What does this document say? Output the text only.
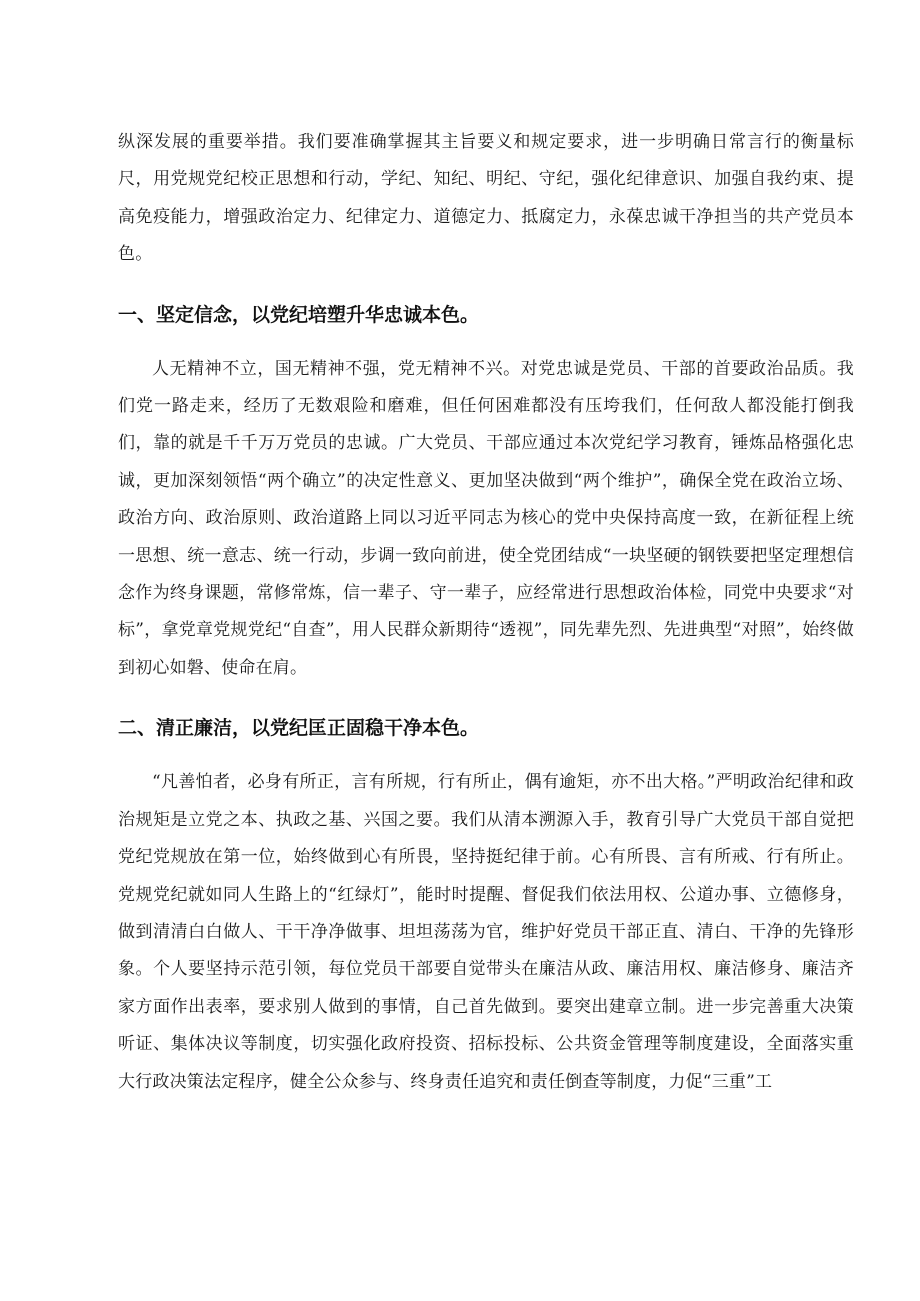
纵深发展的重要举措。我们要准确掌握其主旨要义和规定要求，进一步明确日常言行的衡量标尺，用党规党纪校正思想和行动，学纪、知纪、明纪、守纪，强化纪律意识、加强自我约束、提高免疫能力，增强政治定力、纪律定力、道德定力、抵腐定力，永葆忠诚干净担当的共产党员本色。

一、坚定信念，以党纪培塑升华忠诚本色。

人无精神不立，国无精神不强，党无精神不兴。对党忠诚是党员、干部的首要政治品质。我们党一路走来，经历了无数艰险和磨难，但任何困难都没有压垮我们，任何敌人都没能打倒我们，靠的就是千千万万党员的忠诚。广大党员、干部应通过本次党纪学习教育，锤炼品格强化忠诚，更加深刻领悟“两个确立”的决定性意义、更加坚决做到“两个维护”，确保全党在政治立场、政治方向、政治原则、政治道路上同以习近平同志为核心的党中央保持高度一致，在新征程上统一思想、统一意志、统一行动，步调一致向前进，使全党团结成“一块坚硬的钢铁要把坚定理想信念作为终身课题，常修常炼，信一辈子、守一辈子，应经常进行思想政治体检，同党中央要求“对标”，拿党章党规党纪“自查”，用人民群众新期待“透视”，同先辈先烈、先进典型“对照”，始终做到初心如磐、使命在肩。

二、清正廉洁，以党纪匡正固稳干净本色。

“凡善怕者，必身有所正，言有所规，行有所止，偶有逾矩，亦不出大格。”严明政治纪律和政治规矩是立党之本、执政之基、兴国之要。我们从清本溯源入手，教育引导广大党员干部自觉把党纪党规放在第一位，始终做到心有所畏，坚持挺纪律于前。心有所畏、言有所戒、行有所止。党规党纪就如同人生路上的“红绿灯”，能时时提醒、督促我们依法用权、公道办事、立德修身，做到清清白白做人、干干净净做事、坦坦荡荡为官，维护好党员干部正直、清白、干净的先锋形象。个人要坚持示范引领，每位党员干部要自觉带头在廉洁从政、廉洁用权、廉洁修身、廉洁齐家方面作出表率，要求别人做到的事情，自己首先做到。要突出建章立制。进一步完善重大决策听证、集体决议等制度，切实强化政府投资、招标投标、公共资金管理等制度建设，全面落实重大行政决策法定程序，健全公众参与、终身责任追究和责任倒查等制度，力促“三重”工
